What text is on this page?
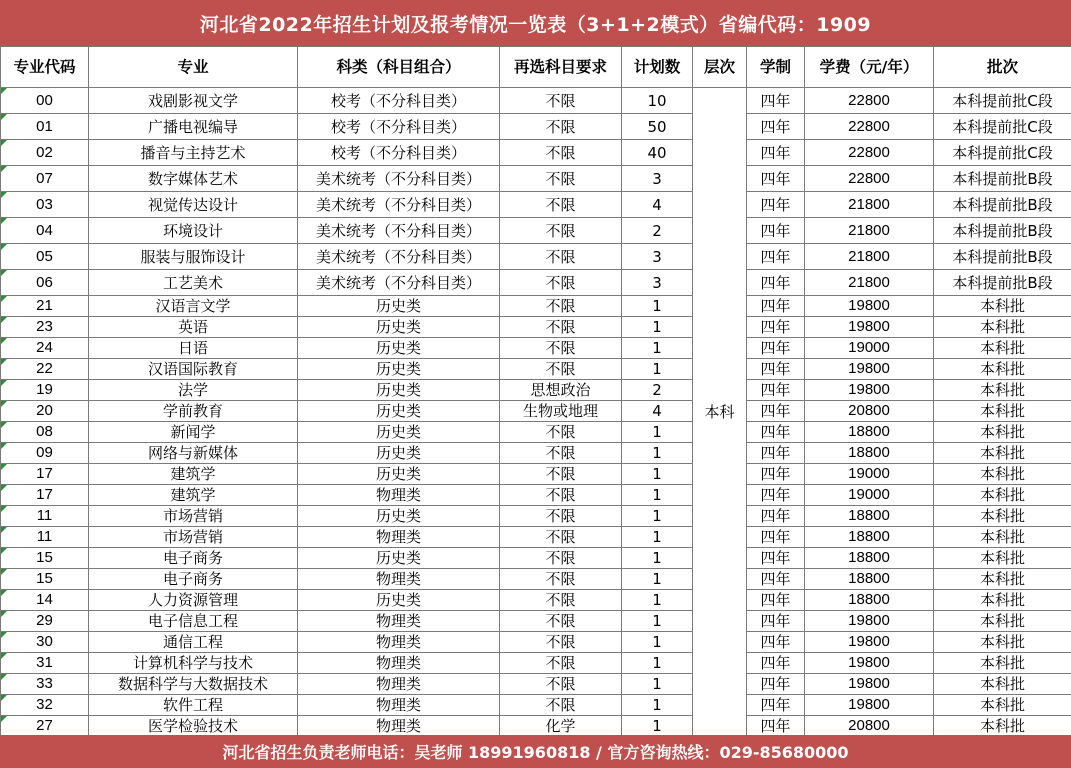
河北省2022年招生计划及报考情况一览表（3+1+2模式）省编代码：1909
专业代码	专业	科类（科目组合）	再选科目要求	计划数	层次	学制	学费（元/年）	批次
00	戏剧影视文学	校考（不分科目类）	不限	10	本科	四年	22800	本科提前批C段
01	广播电视编导	校考（不分科目类）	不限	50		四年	22800	本科提前批C段
02	播音与主持艺术	校考（不分科目类）	不限	40		四年	22800	本科提前批C段
07	数字媒体艺术	美术统考（不分科目类）	不限	3		四年	22800	本科提前批B段
03	视觉传达设计	美术统考（不分科目类）	不限	4		四年	21800	本科提前批B段
04	环境设计	美术统考（不分科目类）	不限	2		四年	21800	本科提前批B段
05	服装与服饰设计	美术统考（不分科目类）	不限	3		四年	21800	本科提前批B段
06	工艺美术	美术统考（不分科目类）	不限	3		四年	21800	本科提前批B段
21	汉语言文学	历史类	不限	1		四年	19800	本科批
23	英语	历史类	不限	1		四年	19800	本科批
24	日语	历史类	不限	1		四年	19000	本科批
22	汉语国际教育	历史类	不限	1		四年	19800	本科批
19	法学	历史类	思想政治	2		四年	19800	本科批
20	学前教育	历史类	生物或地理	4		四年	20800	本科批
08	新闻学	历史类	不限	1		四年	18800	本科批
09	网络与新媒体	历史类	不限	1		四年	18800	本科批
17	建筑学	历史类	不限	1		四年	19000	本科批
17	建筑学	物理类	不限	1		四年	19000	本科批
11	市场营销	历史类	不限	1		四年	18800	本科批
11	市场营销	物理类	不限	1		四年	18800	本科批
15	电子商务	历史类	不限	1		四年	18800	本科批
15	电子商务	物理类	不限	1		四年	18800	本科批
14	人力资源管理	历史类	不限	1		四年	18800	本科批
29	电子信息工程	物理类	不限	1		四年	19800	本科批
30	通信工程	物理类	不限	1		四年	19800	本科批
31	计算机科学与技术	物理类	不限	1		四年	19800	本科批
33	数据科学与大数据技术	物理类	不限	1		四年	19800	本科批
32	软件工程	物理类	不限	1		四年	19800	本科批
27	医学检验技术	物理类	化学	1		四年	20800	本科批
河北省招生负责老师电话：吴老师 18991960818 / 官方咨询热线：029-85680000
